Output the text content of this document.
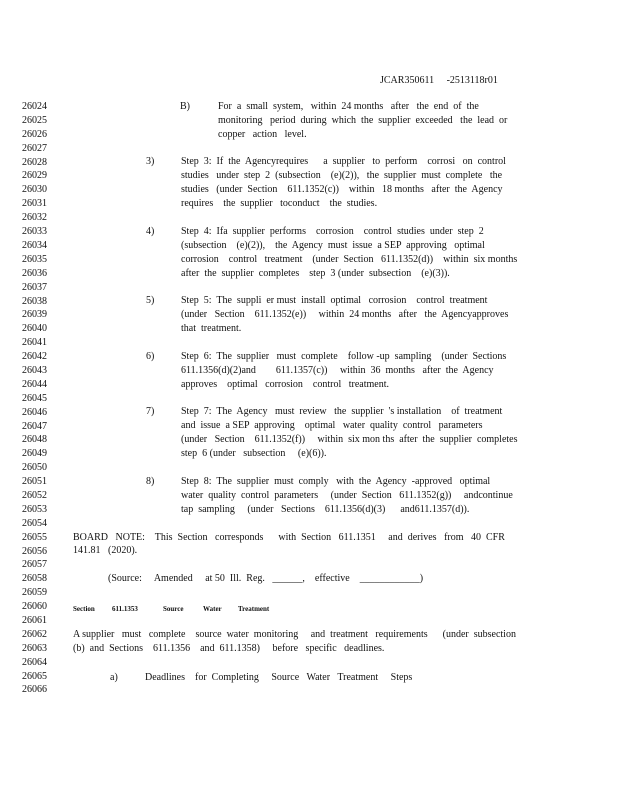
JCAR350611     -2513118r01
26024
26025
26026
26027
26028
26029
26030
26031
26032
26033
26034
26035
26036
26037
26038
26039
26040
26041
26042
26043
26044
26045
26046
26047
26048
26049
26050
26051
26052
26053
26054
26055
26056
26057
26058
26059
26060
26061
26062
26063
26064
26065
26066
B)	For  a  small  system,   within  24 months   after   the  end  of  the
monitoring   period  during  which  the  supplier  exceeded   the  lead  or
copper   action   level.
3)	Step  3:  If  the  Agencyrequires      a  supplier   to  perform    corrosi   on  control
studies   under  step  2  (subsection    (e)(2)),   the  supplier  must  complete   the
studies   (under  Section    611.1352(c))    within   18 months   after  the  Agency
requires    the  supplier   toconduct    the  studies.
4)	Step  4:  Ifa  supplier  performs    corrosion    control  studies  under  step  2
(subsection    (e)(2)),    the  Agency  must  issue  a SEP  approving   optimal
corrosion    control   treatment    (under  Section   611.1352(d))    within  six months
after  the  supplier  completes    step  3 (under  subsection    (e)(3)).
5)	Step  5:  The  suppli  er must  install  optimal   corrosion    control  treatment
(under   Section    611.1352(e))     within  24 months   after   the  Agencyapproves
that  treatment.
6)	Step  6:  The  supplier   must  complete    follow -up  sampling    (under  Sections
611.1356(d)(2)and        611.1357(c))     within  36  months   after  the  Agency
approves    optimal   corrosion    control   treatment.
7)	Step  7:  The  Agency   must  review   the  supplier  's installation    of  treatment
and  issue  a SEP  approving    optimal   water  quality  control   parameters
(under   Section    611.1352(f))     within  six mon ths  after  the  supplier  completes
step  6 (under   subsection     (e)(6)).
8)	Step  8:  The  supplier  must  comply   with  the  Agency  -approved   optimal
water  quality  control  parameters     (under  Section   611.1352(g))     andcontinue
tap  sampling     (under   Sections    611.1356(d)(3)      and611.1357(d)).
BOARD   NOTE:    This  Section   corresponds      with  Section   611.1351     and  derives   from   40  CFR
141.81   (2020).
(Source:     Amended     at 50  Ill.  Reg.   ______,    effective    ____________)
Section 611.1353	Source	Water Treatment
A supplier   must   complete    source  water  monitoring     and  treatment   requirements      (under  subsection
(b)  and  Sections    611.1356    and  611.1358)     before   specific   deadlines.
a)	Deadlines    for  Completing     Source   Water   Treatment     Steps
